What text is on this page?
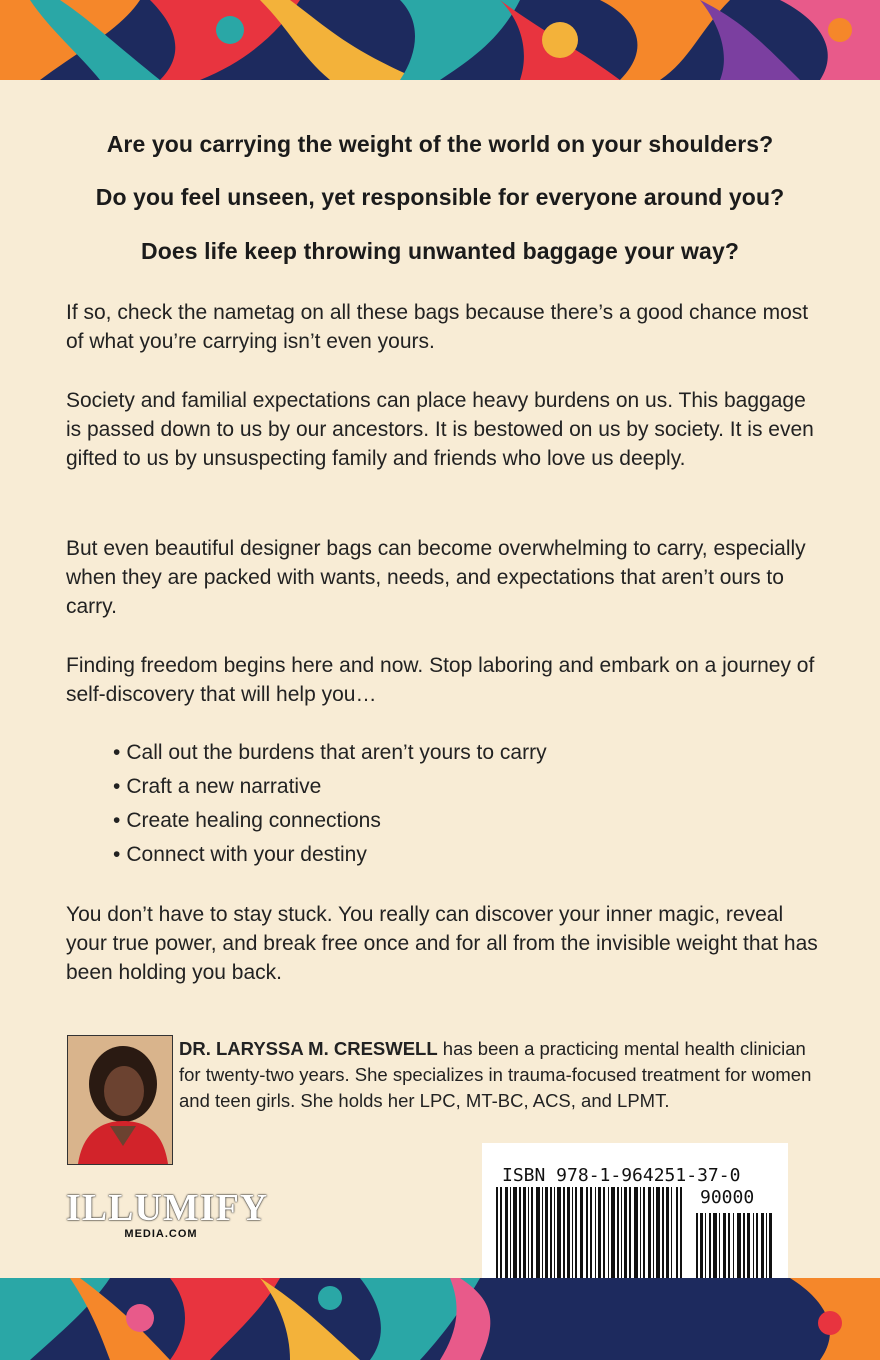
Are you carrying the weight of the world on your shoulders?
Do you feel unseen, yet responsible for everyone around you?
Does life keep throwing unwanted baggage your way?
If so, check the nametag on all these bags because there’s a good chance most of what you’re carrying isn’t even yours.
Society and familial expectations can place heavy burdens on us. This baggage is passed down to us by our ancestors. It is bestowed on us by society. It is even gifted to us by unsuspecting family and friends who love us deeply.
But even beautiful designer bags can become overwhelming to carry, especially when they are packed with wants, needs, and expectations that aren’t ours to carry.
Finding freedom begins here and now. Stop laboring and embark on a journey of self-discovery that will help you…
• Call out the burdens that aren’t yours to carry
• Craft a new narrative
• Create healing connections
• Connect with your destiny
You don’t have to stay stuck. You really can discover your inner magic, reveal your true power, and break free once and for all from the invisible weight that has been holding you back.
DR. LARYSSA M. CRESWELL has been a practicing mental health clinician for twenty-two years. She specializes in trauma-focused treatment for women and teen girls. She holds her LPC, MT-BC, ACS, and LPMT.
ILLUMIFY
MEDIA.COM
ISBN 978-1-964251-37-0
90000
